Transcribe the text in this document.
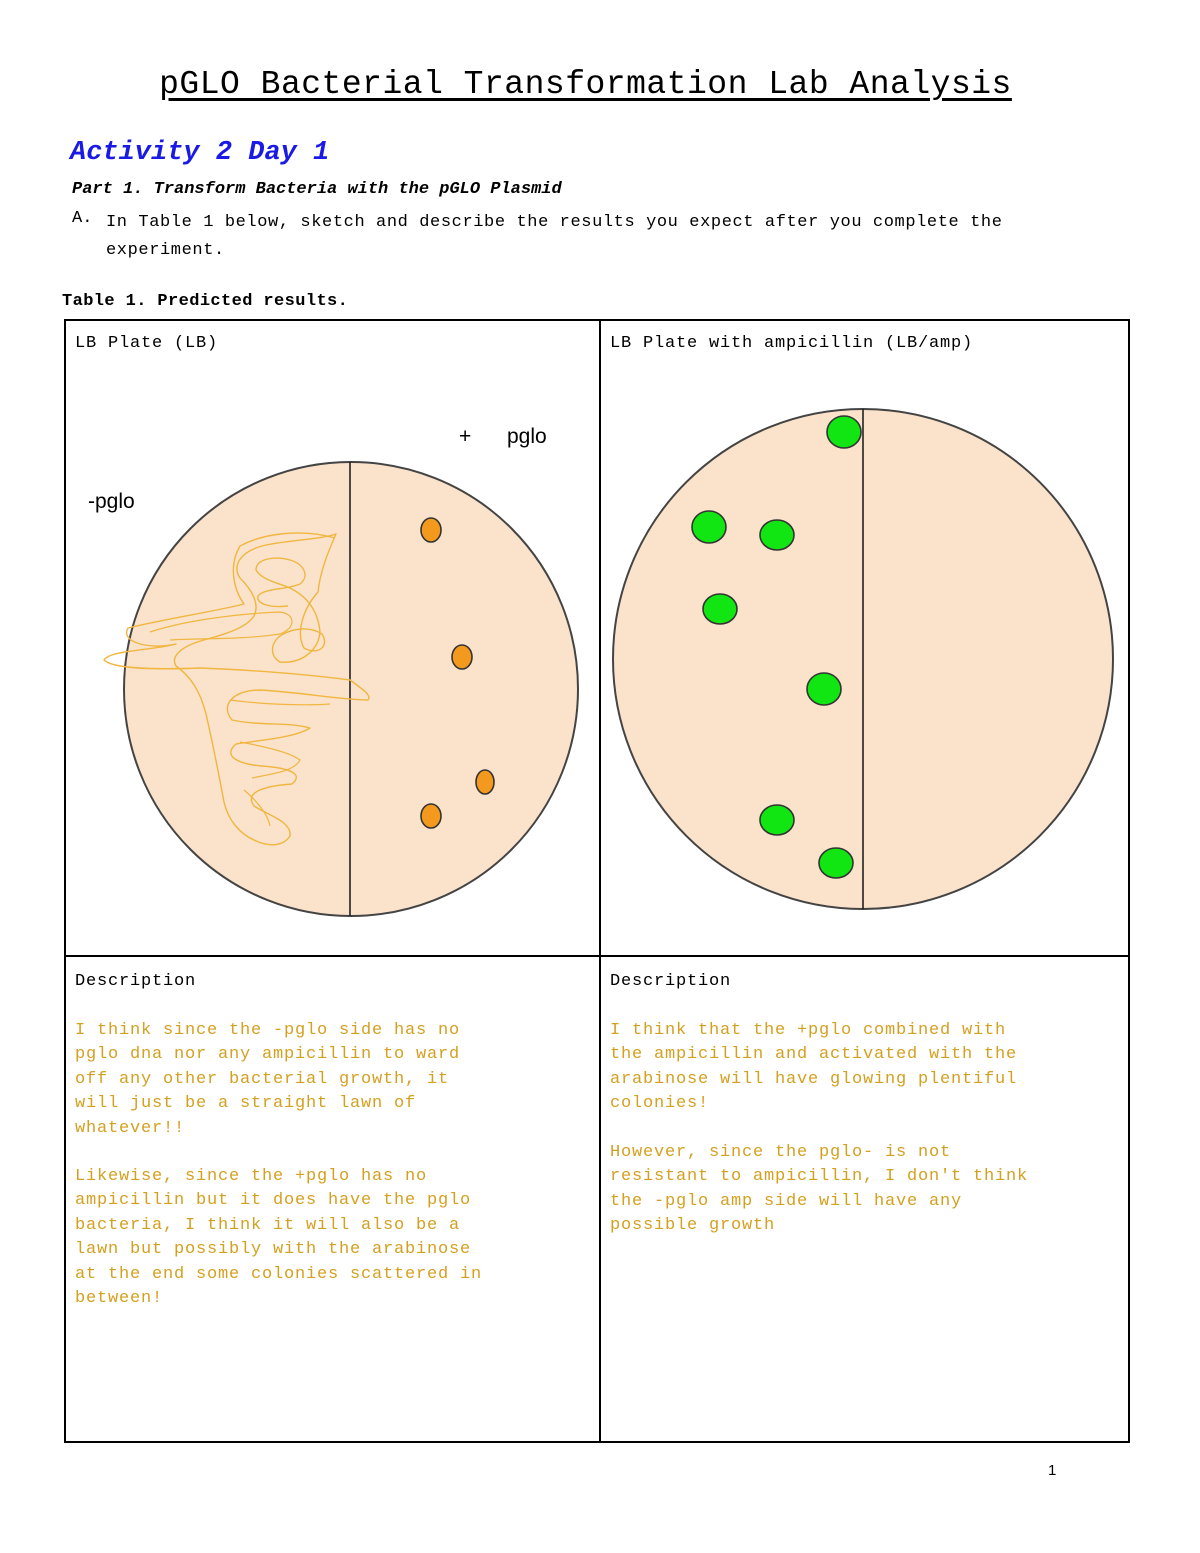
pGLO Bacterial Transformation Lab Analysis
Activity 2 Day 1
Part 1. Transform Bacteria with the pGLO Plasmid
A. In Table 1 below, sketch and describe the results you expect after you complete the experiment.
Table 1. Predicted results.
LB Plate (LB)	LB Plate with ampicillin (LB/amp)
-pglo
+ pglo
Description
I think since the -pglo side has no
pglo dna nor any ampicillin to ward
off any other bacterial growth, it
will just be a straight lawn of
whatever!!
Likewise, since the +pglo has no
ampicillin but it does have the pglo
bacteria, I think it will also be a
lawn but possibly with the arabinose
at the end some colonies scattered in
between!
Description
I think that the +pglo combined with
the ampicillin and activated with the
arabinose will have glowing plentiful
colonies!
However, since the pglo- is not
resistant to ampicillin, I don't think
the -pglo amp side will have any
possible growth
1
